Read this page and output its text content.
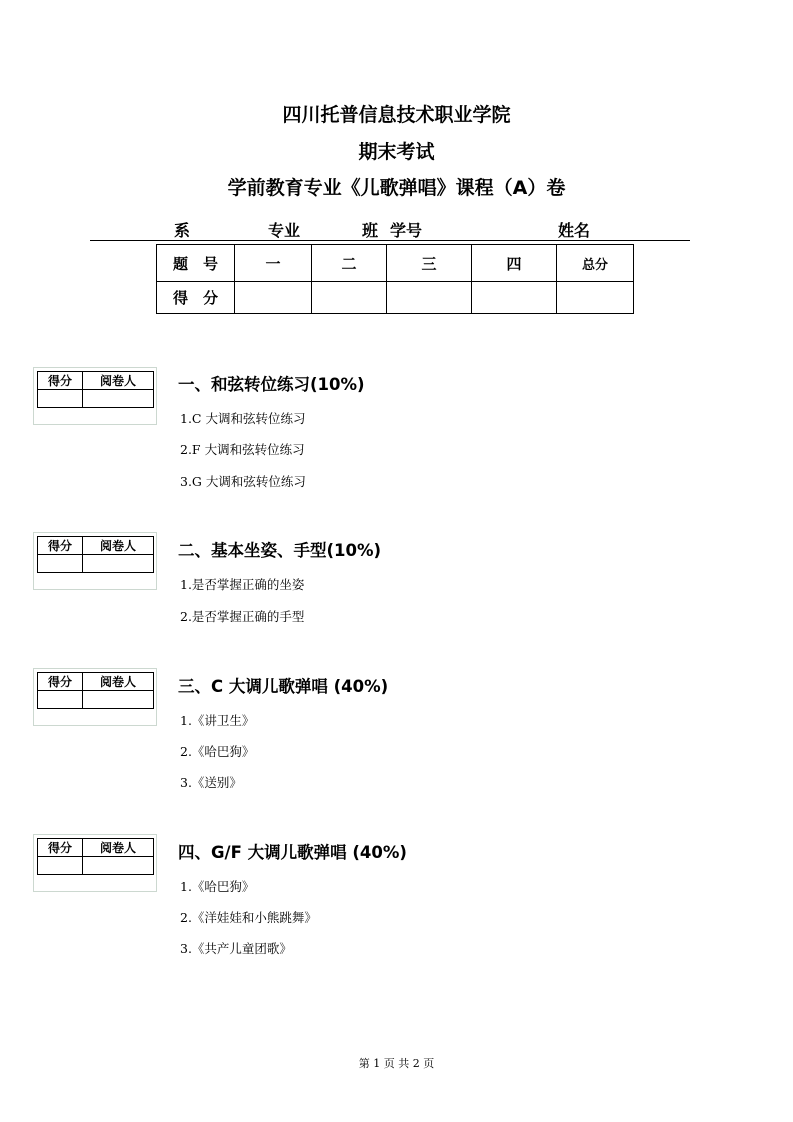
四川托普信息技术职业学院
期末考试
学前教育专业《儿歌弹唱》课程（A）卷
系	专业	班 学号	姓名
题　号	一	二	三	四	总分
得　分					
得分	阅卷人
		一、和弦转位练习(10%)
1.C 大调和弦转位练习
2.F 大调和弦转位练习
3.G 大调和弦转位练习
得分	阅卷人
		二、基本坐姿、手型(10%)
1.是否掌握正确的坐姿
2.是否掌握正确的手型
得分	阅卷人
		三、C 大调儿歌弹唱 (40%)
1.《讲卫生》
2.《哈巴狗》
3.《送别》
得分	阅卷人
		四、G/F 大调儿歌弹唱 (40%)
1.《哈巴狗》
2.《洋娃娃和小熊跳舞》
3.《共产儿童团歌》
第 1 页 共 2 页
